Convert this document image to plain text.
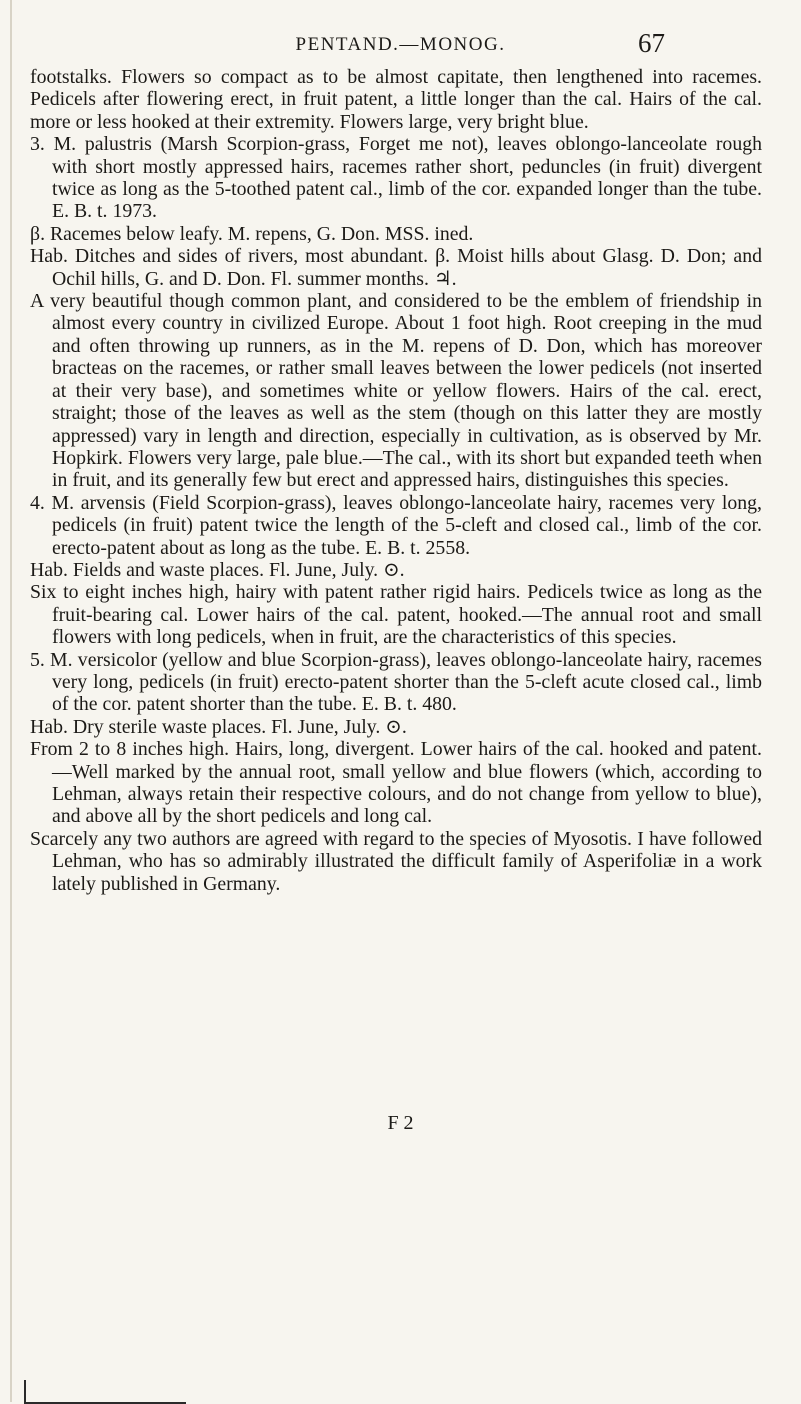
PENTAND.—MONOG.	67

footstalks. Flowers so compact as to be almost capitate, then lengthened into racemes. Pedicels after flowering erect, in fruit patent, a little longer than the cal. Hairs of the cal. more or less hooked at their extremity. Flowers large, very bright blue.

3. M. palustris (Marsh Scorpion-grass, Forget me not), leaves oblongo-lanceolate rough with short mostly appressed hairs, racemes rather short, peduncles (in fruit) divergent twice as long as the 5-toothed patent cal., limb of the cor. expanded longer than the tube. E. B. t. 1973.

β. Racemes below leafy. M. repens, G. Don. MSS. ined.

Hab. Ditches and sides of rivers, most abundant. β. Moist hills about Glasg. D. Don; and Ochil hills, G. and D. Don. Fl. summer months. ♃.

A very beautiful though common plant, and considered to be the emblem of friendship in almost every country in civilized Europe. About 1 foot high. Root creeping in the mud and often throwing up runners, as in the M. repens of D. Don, which has moreover bracteas on the racemes, or rather small leaves between the lower pedicels (not inserted at their very base), and sometimes white or yellow flowers. Hairs of the cal. erect, straight; those of the leaves as well as the stem (though on this latter they are mostly appressed) vary in length and direction, especially in cultivation, as is observed by Mr. Hopkirk. Flowers very large, pale blue.—The cal., with its short but expanded teeth when in fruit, and its generally few but erect and appressed hairs, distinguishes this species.

4. M. arvensis (Field Scorpion-grass), leaves oblongo-lanceolate hairy, racemes very long, pedicels (in fruit) patent twice the length of the 5-cleft and closed cal., limb of the cor. erecto-patent about as long as the tube. E. B. t. 2558.

Hab. Fields and waste places. Fl. June, July. ⊙.

Six to eight inches high, hairy with patent rather rigid hairs. Pedicels twice as long as the fruit-bearing cal. Lower hairs of the cal. patent, hooked.—The annual root and small flowers with long pedicels, when in fruit, are the characteristics of this species.

5. M. versicolor (yellow and blue Scorpion-grass), leaves oblongo-lanceolate hairy, racemes very long, pedicels (in fruit) erecto-patent shorter than the 5-cleft acute closed cal., limb of the cor. patent shorter than the tube. E. B. t. 480.

Hab. Dry sterile waste places. Fl. June, July. ⊙.

From 2 to 8 inches high. Hairs, long, divergent. Lower hairs of the cal. hooked and patent.—Well marked by the annual root, small yellow and blue flowers (which, according to Lehman, always retain their respective colours, and do not change from yellow to blue), and above all by the short pedicels and long cal.

Scarcely any two authors are agreed with regard to the species of Myosotis. I have followed Lehman, who has so admirably illustrated the difficult family of Asperifoliæ in a work lately published in Germany.

F 2
